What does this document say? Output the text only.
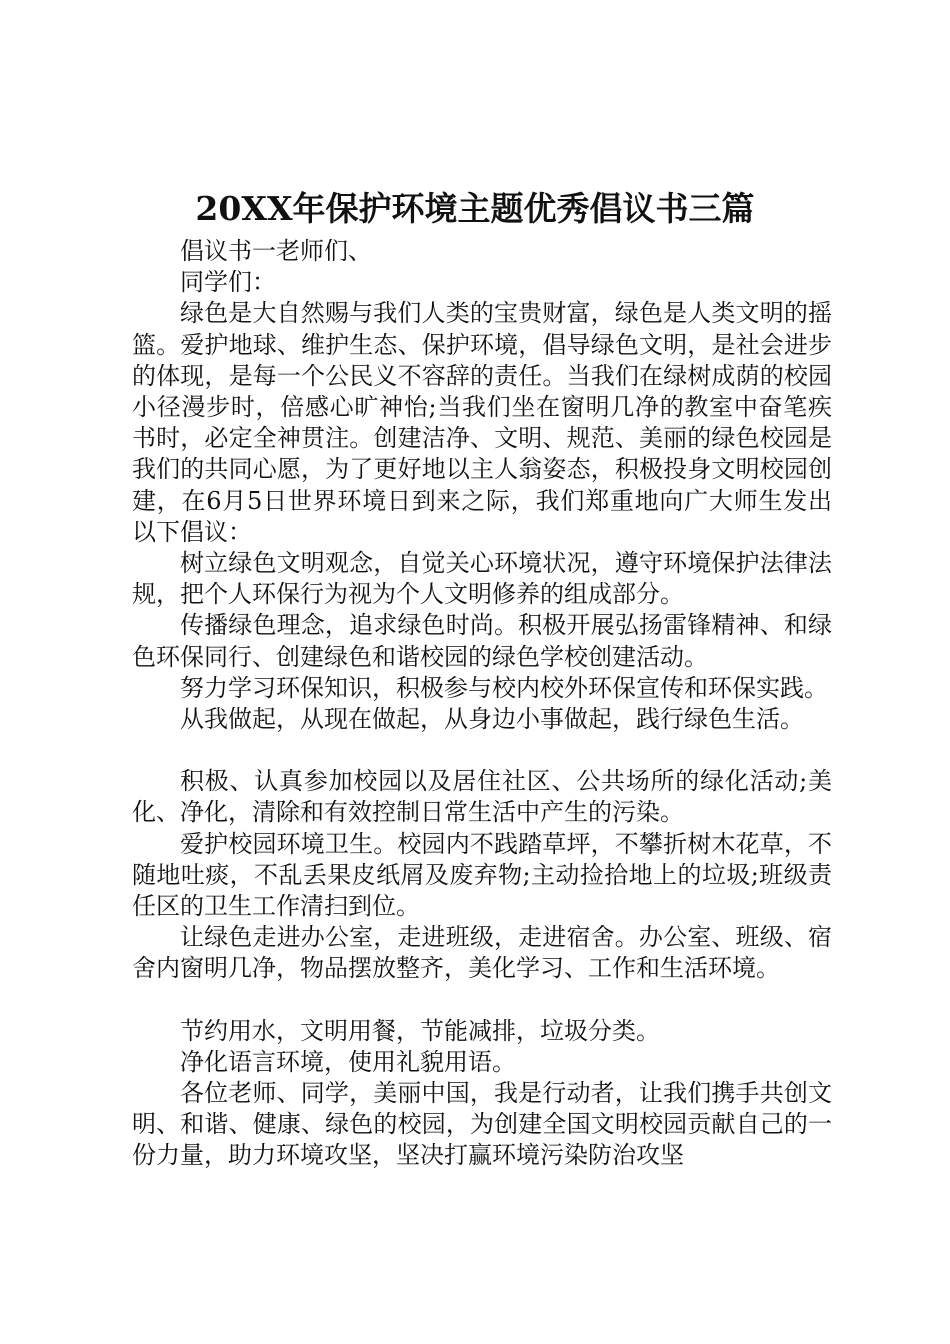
20XX年保护环境主题优秀倡议书三篇

倡议书一老师们、

同学们：

绿色是大自然赐与我们人类的宝贵财富，绿色是人类文明的摇篮。爱护地球、维护生态、保护环境，倡导绿色文明，是社会进步的体现，是每一个公民义不容辞的责任。当我们在绿树成荫的校园小径漫步时，倍感心旷神怡;当我们坐在窗明几净的教室中奋笔疾书时，必定全神贯注。创建洁净、文明、规范、美丽的绿色校园是我们的共同心愿，为了更好地以主人翁姿态，积极投身文明校园创建，在6月5日世界环境日到来之际，我们郑重地向广大师生发出以下倡议：

树立绿色文明观念，自觉关心环境状况，遵守环境保护法律法规，把个人环保行为视为个人文明修养的组成部分。

传播绿色理念，追求绿色时尚。积极开展弘扬雷锋精神、和绿色环保同行、创建绿色和谐校园的绿色学校创建活动。

努力学习环保知识，积极参与校内校外环保宣传和环保实践。

从我做起，从现在做起，从身边小事做起，践行绿色生活。

积极、认真参加校园以及居住社区、公共场所的绿化活动;美化、净化，清除和有效控制日常生活中产生的污染。

爱护校园环境卫生。校园内不践踏草坪，不攀折树木花草，不随地吐痰，不乱丢果皮纸屑及废弃物;主动捡拾地上的垃圾;班级责任区的卫生工作清扫到位。

让绿色走进办公室，走进班级，走进宿舍。办公室、班级、宿舍内窗明几净，物品摆放整齐，美化学习、工作和生活环境。

节约用水，文明用餐，节能减排，垃圾分类。

净化语言环境，使用礼貌用语。

各位老师、同学，美丽中国，我是行动者，让我们携手共创文明、和谐、健康、绿色的校园，为创建全国文明校园贡献自己的一份力量，助力环境攻坚，坚决打赢环境污染防治攻坚
